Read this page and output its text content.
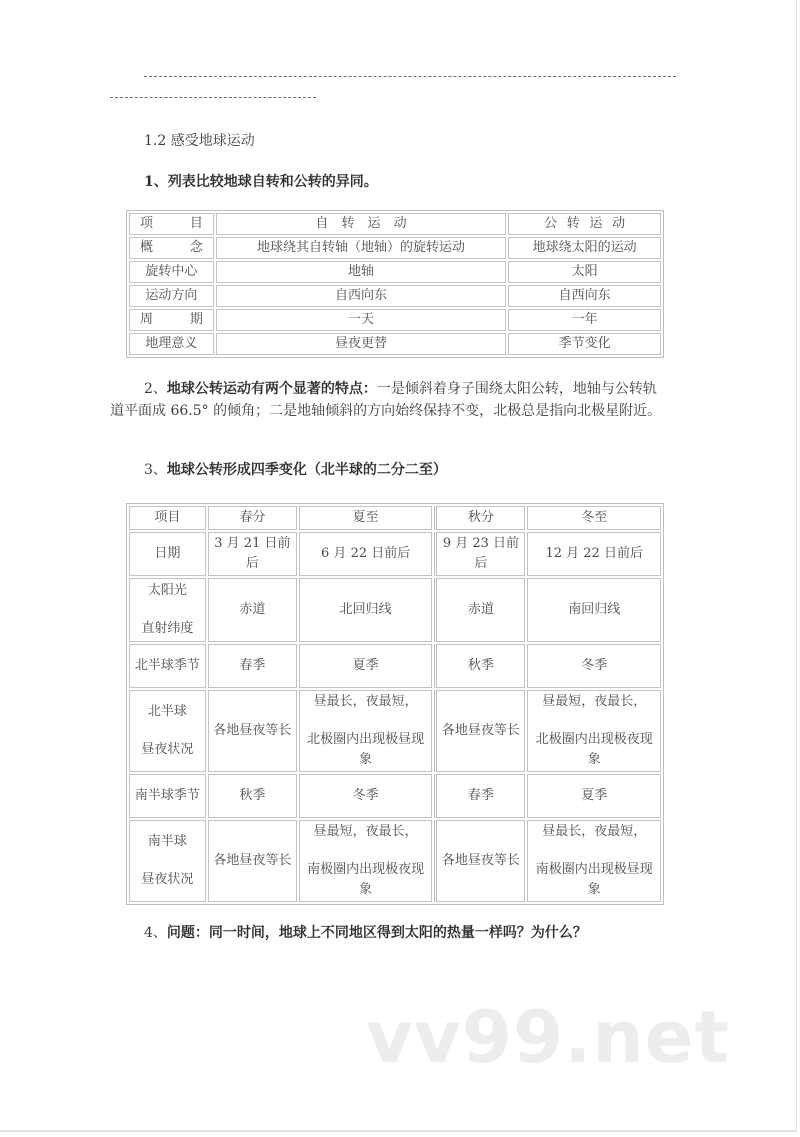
1.2 感受地球运动
1、列表比较地球自转和公转的异同。
项 目	自 转 运 动	公 转 运 动

概 念	地球绕其自转轴（地轴）的旋转运动	地球绕太阳的运动
旋转中心	地轴	太阳
运动方向	自西向东	自西向东

周 期	一天	一年
地理意义	昼夜更替	季节变化
2、地球公转运动有两个显著的特点：一是倾斜着身子围绕太阳公转，地轴与公转轨道平面成 66.5° 的倾角；二是地轴倾斜的方向始终保持不变，北极总是指向北极星附近。
3、地球公转形成四季变化（北半球的二分二至）
项目	春分	夏至	秋分	冬至
日期	3 月 21 日前后	6 月 22 日前后	9 月 23 日前后	12 月 22 日前后

太阳光
直射纬度	赤道	北回归线	赤道	南回归线
北半球季节	春季	夏季	秋季	冬季

北半球
昼夜状况	各地昼夜等长	昼最长，夜最短，
北极圈内出现极昼现象	各地昼夜等长	昼最短，夜最长，
北极圈内出现极夜现象

南半球季节	秋季	冬季	春季	夏季

南半球
昼夜状况	各地昼夜等长	昼最短，夜最长，
南极圈内出现极夜现象	各地昼夜等长	昼最长，夜最短，
南极圈内出现极昼现象
4、问题：同一时间，地球上不同地区得到太阳的热量一样吗？为什么？
vv99.net
